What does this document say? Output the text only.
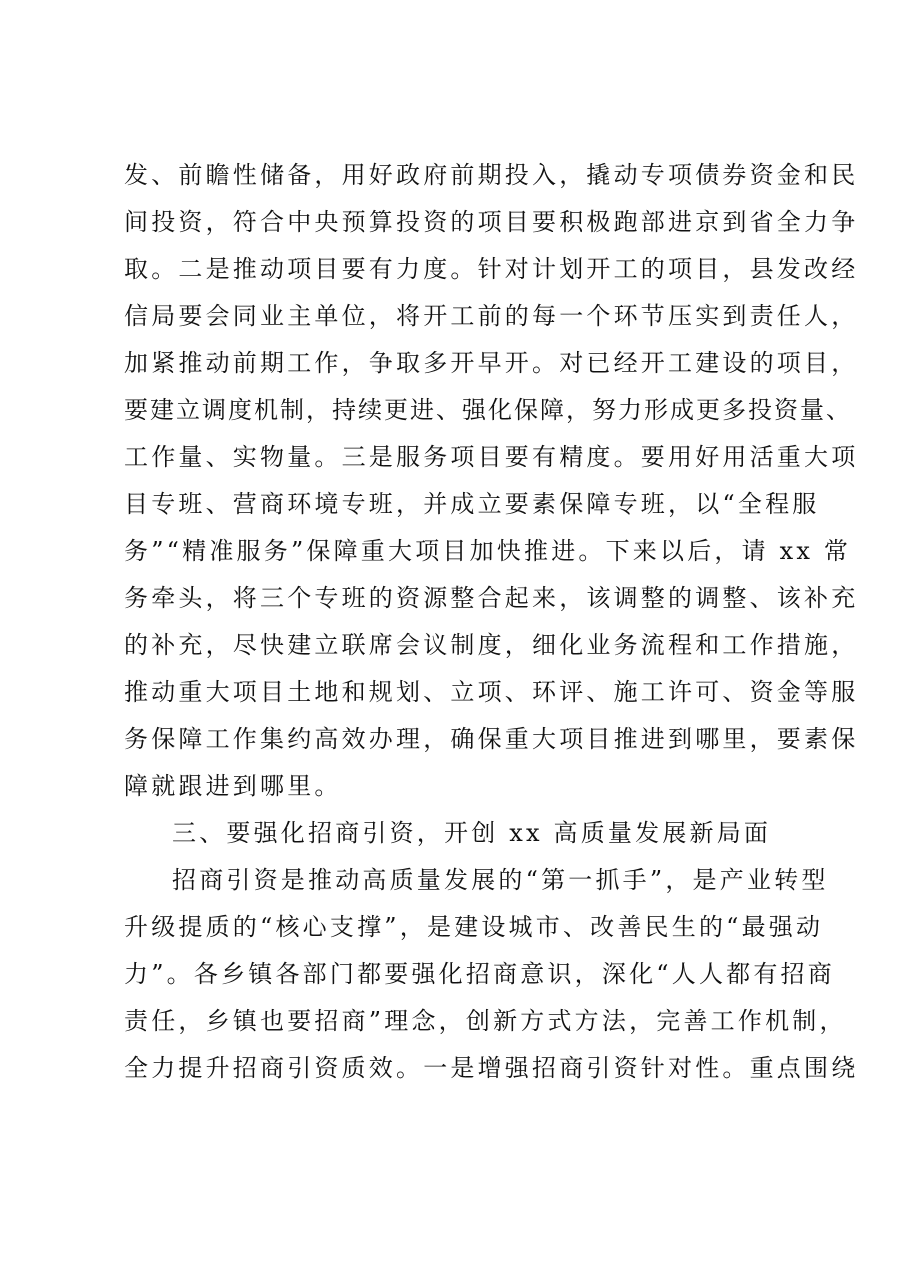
发、前瞻性储备，用好政府前期投入，撬动专项债券资金和民
间投资，符合中央预算投资的项目要积极跑部进京到省全力争
取。二是推动项目要有力度。针对计划开工的项目，县发改经
信局要会同业主单位，将开工前的每一个环节压实到责任人，
加紧推动前期工作，争取多开早开。对已经开工建设的项目，
要建立调度机制，持续更进、强化保障，努力形成更多投资量、
工作量、实物量。三是服务项目要有精度。要用好用活重大项
目专班、营商环境专班，并成立要素保障专班，以“全程服
务”“精准服务”保障重大项目加快推进。下来以后，请 xx 常
务牵头，将三个专班的资源整合起来，该调整的调整、该补充
的补充，尽快建立联席会议制度，细化业务流程和工作措施，
推动重大项目土地和规划、立项、环评、施工许可、资金等服
务保障工作集约高效办理，确保重大项目推进到哪里，要素保
障就跟进到哪里。
三、要强化招商引资，开创 xx 高质量发展新局面
招商引资是推动高质量发展的“第一抓手”，是产业转型
升级提质的“核心支撑”，是建设城市、改善民生的“最强动
力”。各乡镇各部门都要强化招商意识，深化“人人都有招商
责任，乡镇也要招商”理念，创新方式方法，完善工作机制，
全力提升招商引资质效。一是增强招商引资针对性。重点围绕
